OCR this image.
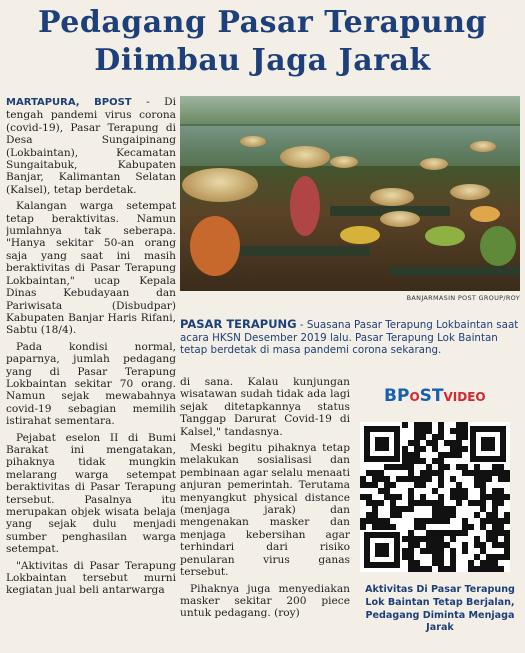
Pedagang Pasar Terapung
Diimbau Jaga Jarak

MARTAPURA, BPOST - Di tengah pandemi virus corona (covid-19), Pasar Terapung di Desa Sungaipinang (Lokbaintan), Kecamatan Sungaitabuk, Kabupaten Banjar, Kalimantan Selatan (Kalsel), tetap berdetak.

Kalangan warga setempat tetap beraktivitas. Namun jumlahnya tak seberapa. "Hanya sekitar 50-an orang saja yang saat ini masih beraktivitas di Pasar Terapung Lokbaintan," ucap Kepala Dinas Kebudayaan dan Pariwisata (Disbudpar) Kabupaten Banjar Haris Rifani, Sabtu (18/4).

Pada kondisi normal, paparnya, jumlah pedagang yang di Pasar Terapung Lokbaintan sekitar 70 orang. Namun sejak mewabahnya covid-19 sebagian memilih istirahat sementara.

Pejabat eselon II di Bumi Barakat ini mengatakan, pihaknya tidak mungkin melarang warga setempat beraktivitas di Pasar Terapung tersebut. Pasalnya itu merupakan objek wisata belaja yang sejak dulu menjadi sumber penghasilan warga setempat.

"Aktivitas di Pasar Terapung Lokbaintan tersebut murni kegiatan jual beli antarwarga

BANJARMASIN POST GROUP/ROY
PASAR TERAPUNG - Suasana Pasar Terapung Lokbaintan saat acara HKSN Desember 2019 lalu. Pasar Terapung Lok Baintan tetap berdetak di masa pandemi corona sekarang.

di sana. Kalau kunjungan wisatawan sudah tidak ada lagi sejak ditetapkannya status Tanggap Darurat Covid-19 di Kalsel," tandasnya.

Meski begitu pihaknya tetap melakukan sosialisasi dan pembinaan agar selalu menaati anjuran pemerintah. Terutama menyangkut physical distance (menjaga jarak) dan mengenakan masker dan menjaga kebersihan agar terhindari dari risiko penularan virus ganas tersebut.

Pihaknya juga menyediakan masker sekitar 200 piece untuk pedagang. (roy)

BPOSTVIDEO
Aktivitas Di Pasar Terapung Lok Baintan Tetap Berjalan, Pedagang Diminta Menjaga Jarak
